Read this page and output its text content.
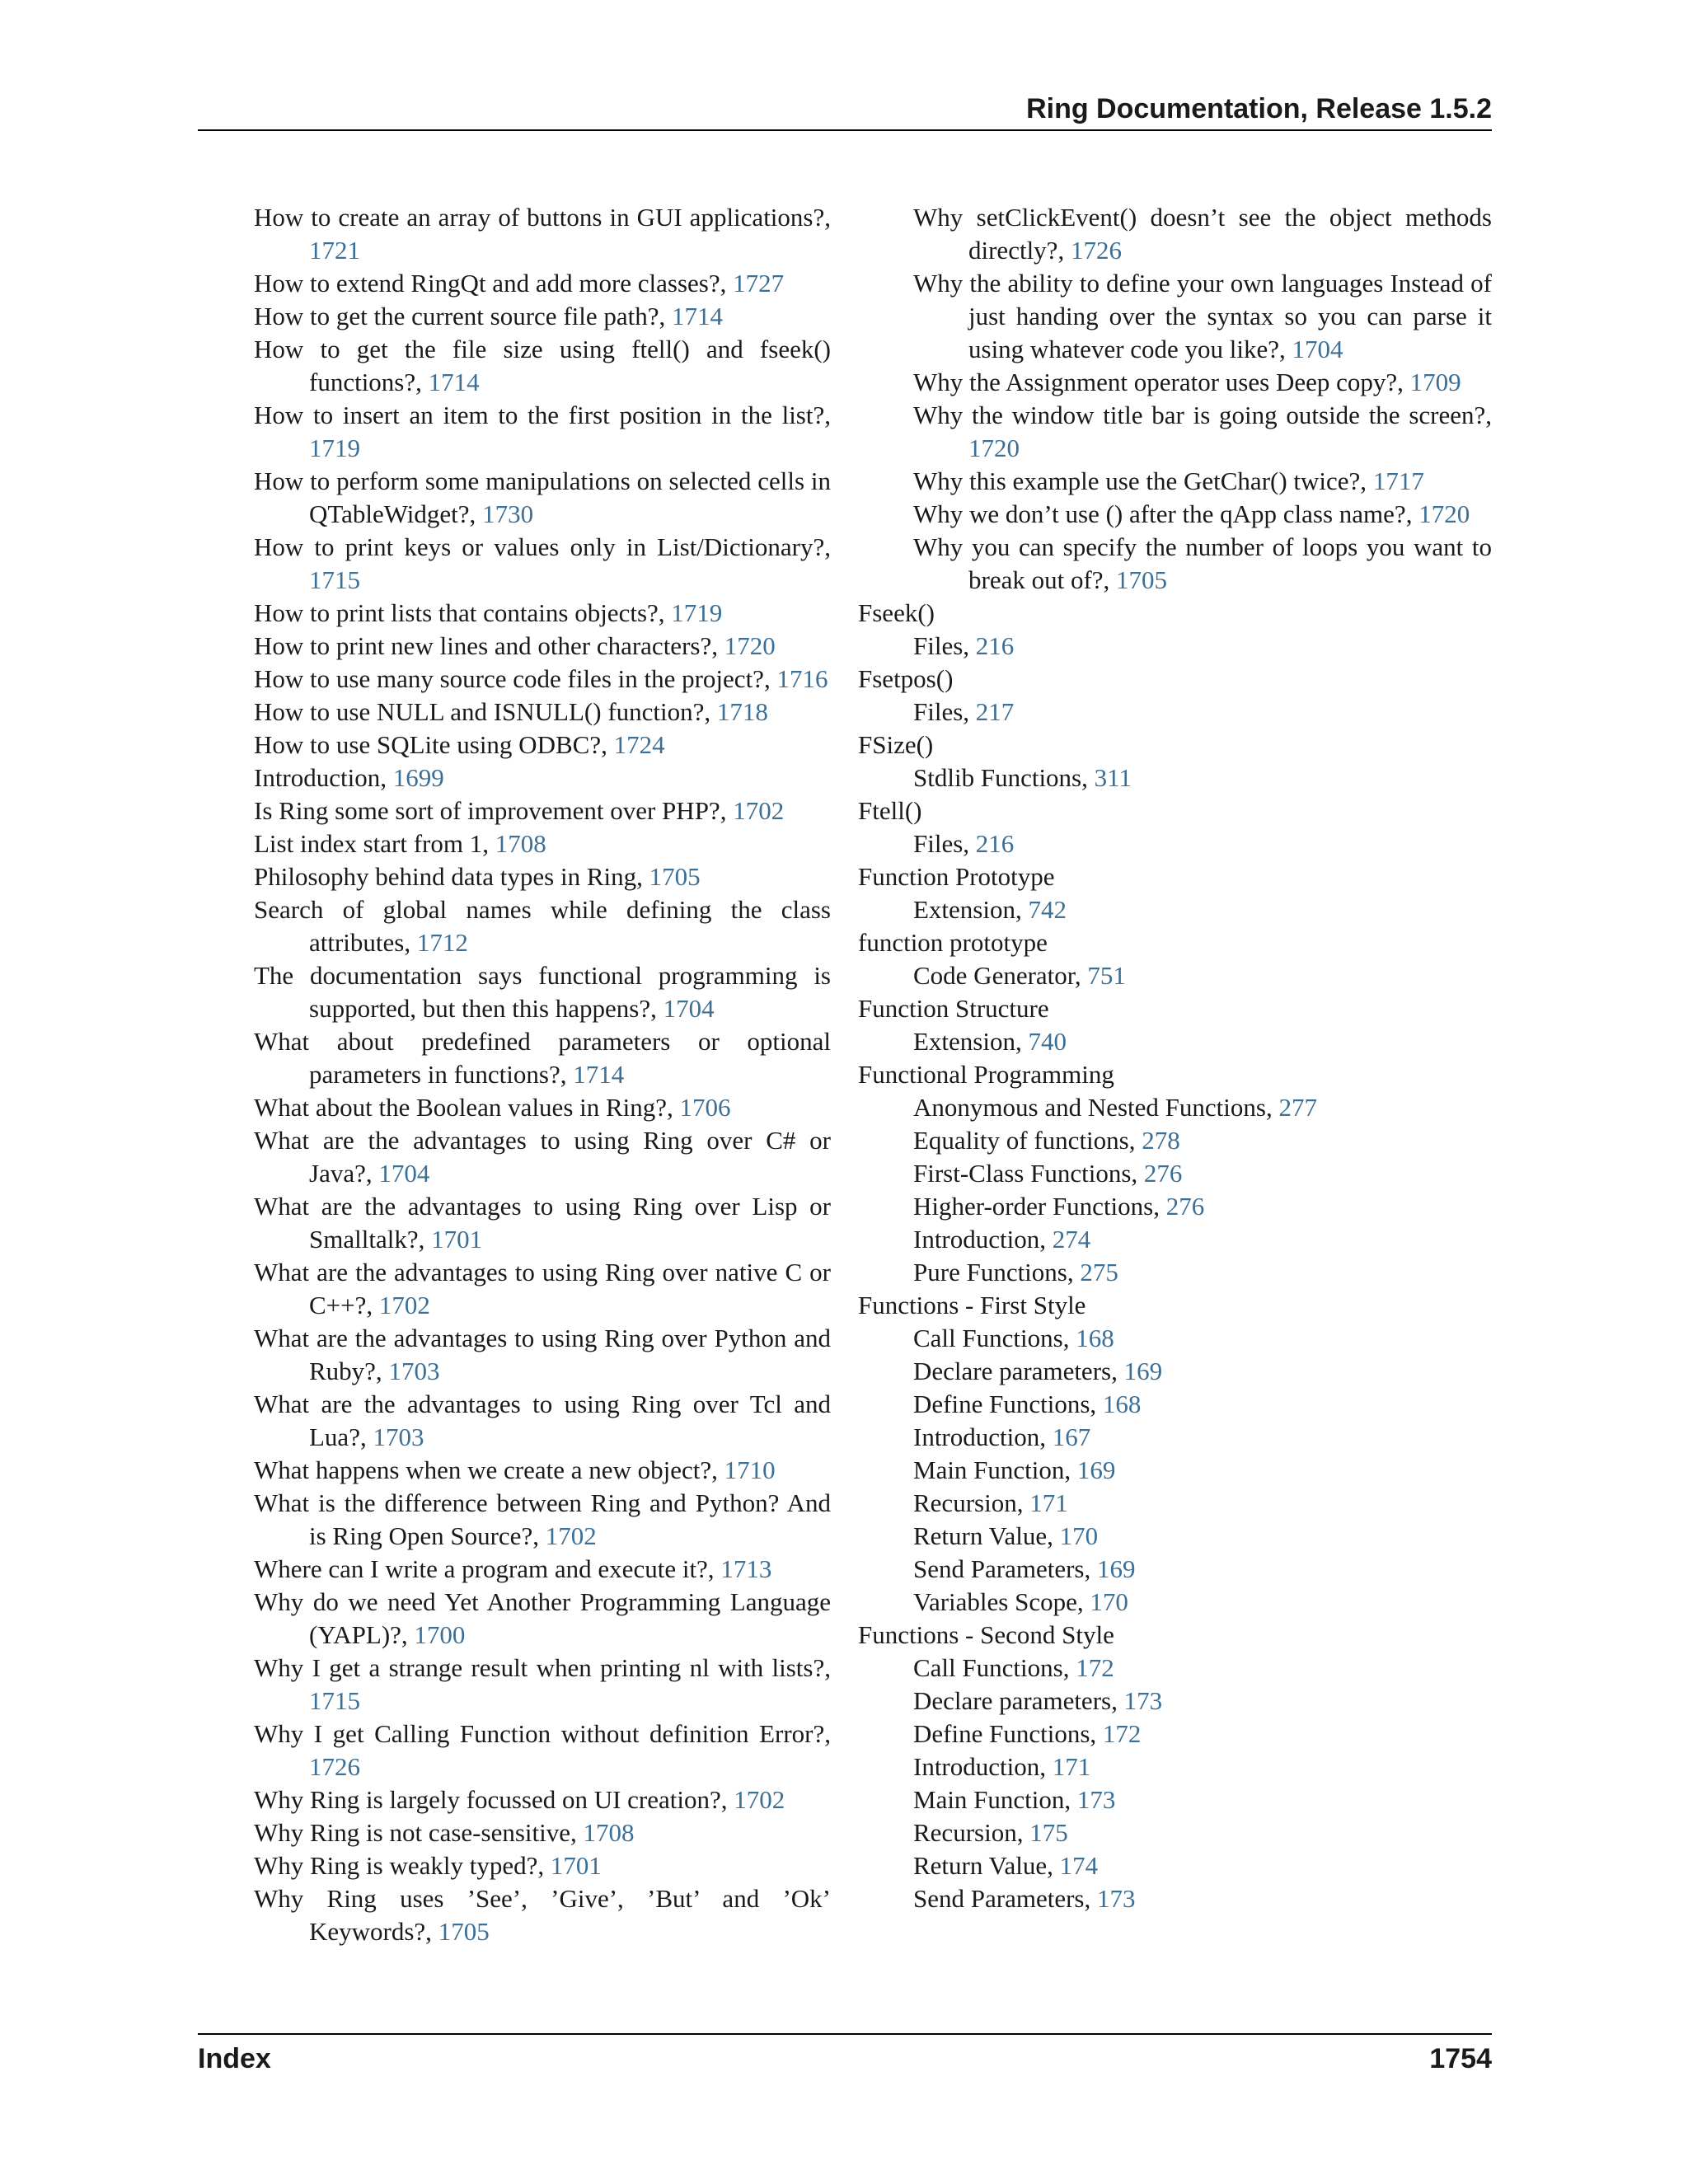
Ring Documentation, Release 1.5.2
How to create an array of buttons in GUI applications?, 1721
How to extend RingQt and add more classes?, 1727
How to get the current source file path?, 1714
How to get the file size using ftell() and fseek() functions?, 1714
How to insert an item to the first position in the list?, 1719
How to perform some manipulations on selected cells in QTableWidget?, 1730
How to print keys or values only in List/Dictionary?, 1715
How to print lists that contains objects?, 1719
How to print new lines and other characters?, 1720
How to use many source code files in the project?, 1716
How to use NULL and ISNULL() function?, 1718
How to use SQLite using ODBC?, 1724
Introduction, 1699
Is Ring some sort of improvement over PHP?, 1702
List index start from 1, 1708
Philosophy behind data types in Ring, 1705
Search of global names while defining the class attributes, 1712
The documentation says functional programming is supported, but then this happens?, 1704
What about predefined parameters or optional parameters in functions?, 1714
What about the Boolean values in Ring?, 1706
What are the advantages to using Ring over C# or Java?, 1704
What are the advantages to using Ring over Lisp or Smalltalk?, 1701
What are the advantages to using Ring over native C or C++?, 1702
What are the advantages to using Ring over Python and Ruby?, 1703
What are the advantages to using Ring over Tcl and Lua?, 1703
What happens when we create a new object?, 1710
What is the difference between Ring and Python? And is Ring Open Source?, 1702
Where can I write a program and execute it?, 1713
Why do we need Yet Another Programming Language (YAPL)?, 1700
Why I get a strange result when printing nl with lists?, 1715
Why I get Calling Function without definition Error?, 1726
Why Ring is largely focussed on UI creation?, 1702
Why Ring is not case-sensitive, 1708
Why Ring is weakly typed?, 1701
Why Ring uses ’See’, ’Give’, ’But’ and ’Ok’ Keywords?, 1705
Why setClickEvent() doesn’t see the object methods directly?, 1726
Why the ability to define your own languages Instead of just handing over the syntax so you can parse it using whatever code you like?, 1704
Why the Assignment operator uses Deep copy?, 1709
Why the window title bar is going outside the screen?, 1720
Why this example use the GetChar() twice?, 1717
Why we don’t use () after the qApp class name?, 1720
Why you can specify the number of loops you want to break out of?, 1705
Fseek()
Files, 216
Fsetpos()
Files, 217
FSize()
Stdlib Functions, 311
Ftell()
Files, 216
Function Prototype
Extension, 742
function prototype
Code Generator, 751
Function Structure
Extension, 740
Functional Programming
Anonymous and Nested Functions, 277
Equality of functions, 278
First-Class Functions, 276
Higher-order Functions, 276
Introduction, 274
Pure Functions, 275
Functions - First Style
Call Functions, 168
Declare parameters, 169
Define Functions, 168
Introduction, 167
Main Function, 169
Recursion, 171
Return Value, 170
Send Parameters, 169
Variables Scope, 170
Functions - Second Style
Call Functions, 172
Declare parameters, 173
Define Functions, 172
Introduction, 171
Main Function, 173
Recursion, 175
Return Value, 174
Send Parameters, 173
Index	1754
